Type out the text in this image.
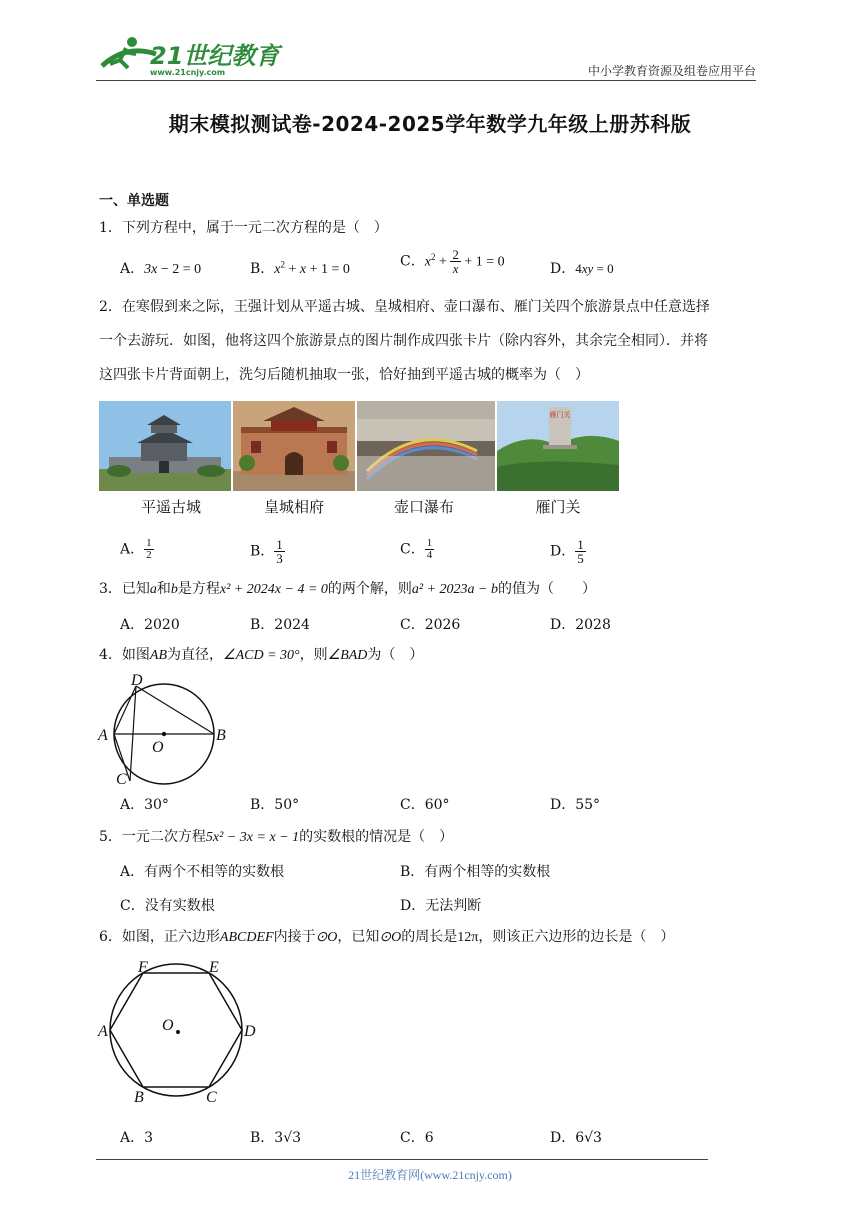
21世纪教育
www.21cnjy.com	中小学教育资源及组卷应用平台
期末模拟测试卷-2024-2025学年数学九年级上册苏科版
一、单选题
1．下列方程中，属于一元二次方程的是（　）
A．3x − 2 = 0	B．$x^2 + x + 1 = 0$	C．$x^2 + \frac{2}{x} + 1 = 0$	D．4xy = 0
2．在寒假到来之际，王强计划从平遥古城、皇城相府、壶口瀑布、雁门关四个旅游景点中任意选择
一个去游玩．如图，他将这四个旅游景点的图片制作成四张卡片（除内容外，其余完全相同）．并将
这四张卡片背面朝上，洗匀后随机抽取一张，恰好抽到平遥古城的概率为（　）
雁门关
平遥古城	皇城相府	壶口瀑布	雁门关
A． $\frac{1}{2}$	B． $\frac{1}{3}$	C． $\frac{1}{4}$	D． $\frac{1}{5}$
3．已知a和b是方程x² + 2024x − 4 = 0的两个解，则a² + 2023a − b的值为（　　）
A．2020	B．2024	C．2026	D．2028
4．如图AB为直径，∠ACD = 30°，则∠BAD为（　）
D
A
O
B
C
A．30°	B．50°	C．60°	D．55°
5．一元二次方程5x² − 3x = x − 1的实数根的情况是（　）
A．有两个不相等的实数根	B．有两个相等的实数根
C．没有实数根	D．无法判断
6．如图，正六边形ABCDEF内接于⊙O，已知⊙O的周长是12π，则该正六边形的边长是（　）
F	E
A	O	D
B	C
A．3	B．3√3	C．6	D．6√3
21世纪教育网(www.21cnjy.com)
